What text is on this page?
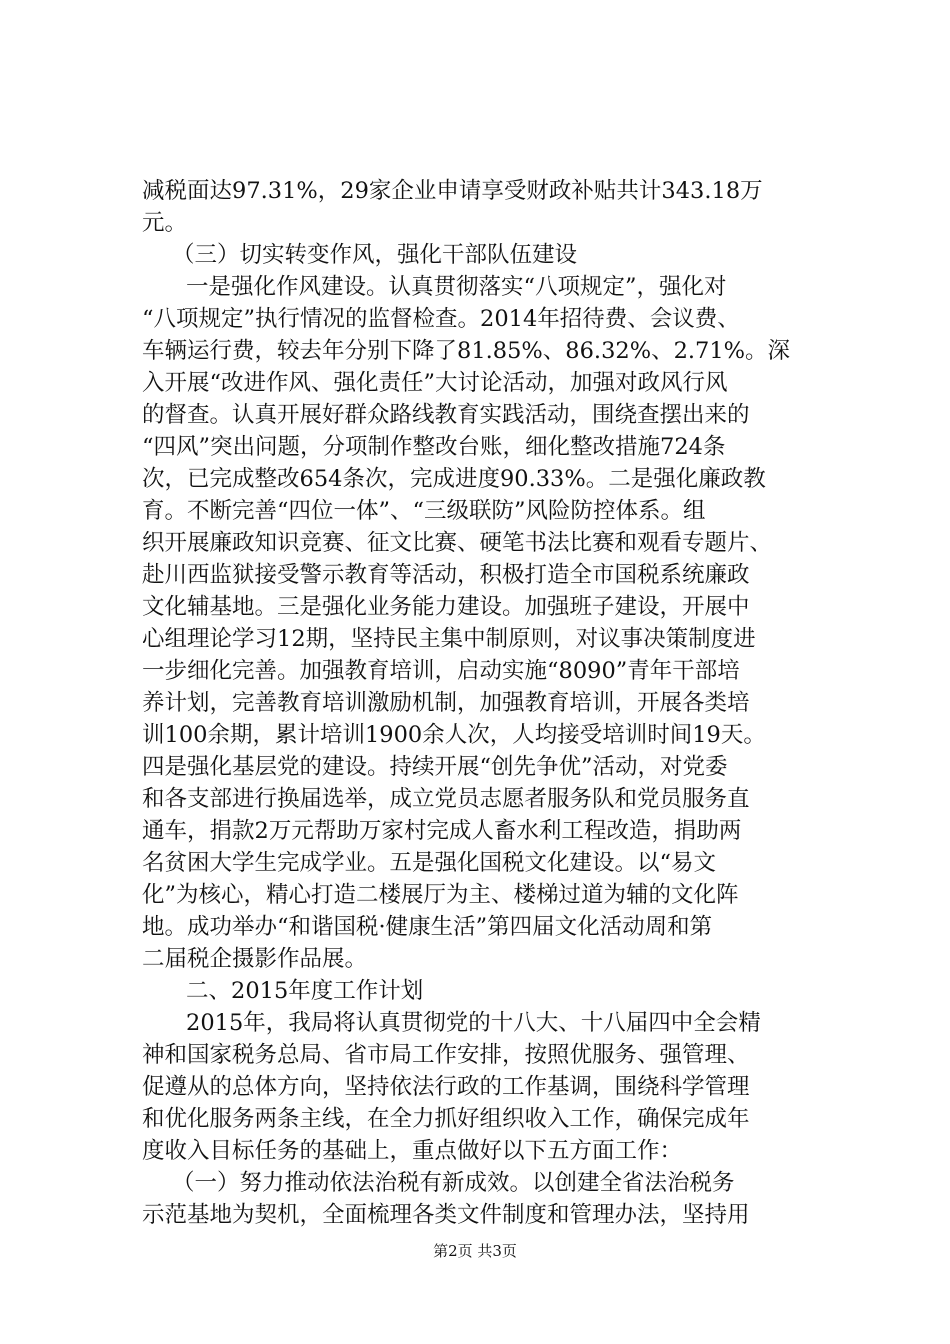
减税面达97.31%，29家企业申请享受财政补贴共计343.18万
元。
（三）切实转变作风，强化干部队伍建设
一是强化作风建设。认真贯彻落实“八项规定”，强化对
“八项规定”执行情况的监督检查。2014年招待费、会议费、
车辆运行费，较去年分别下降了81.85%、86.32%、2.71%。深
入开展“改进作风、强化责任”大讨论活动，加强对政风行风
的督查。认真开展好群众路线教育实践活动，围绕查摆出来的
“四风”突出问题，分项制作整改台账，细化整改措施724条
次，已完成整改654条次，完成进度90.33%。二是强化廉政教
育。不断完善“四位一体”、“三级联防”风险防控体系。组
织开展廉政知识竞赛、征文比赛、硬笔书法比赛和观看专题片、
赴川西监狱接受警示教育等活动，积极打造全市国税系统廉政
文化辅基地。三是强化业务能力建设。加强班子建设，开展中
心组理论学习12期，坚持民主集中制原则，对议事决策制度进
一步细化完善。加强教育培训，启动实施“8090”青年干部培
养计划，完善教育培训激励机制，加强教育培训，开展各类培
训100余期，累计培训1900余人次，人均接受培训时间19天。
四是强化基层党的建设。持续开展“创先争优”活动，对党委
和各支部进行换届选举，成立党员志愿者服务队和党员服务直
通车，捐款2万元帮助万家村完成人畜水利工程改造，捐助两
名贫困大学生完成学业。五是强化国税文化建设。以“易文
化”为核心，精心打造二楼展厅为主、楼梯过道为辅的文化阵
地。成功举办“和谐国税·健康生活”第四届文化活动周和第
二届税企摄影作品展。
二、2015年度工作计划
2015年，我局将认真贯彻党的十八大、十八届四中全会精
神和国家税务总局、省市局工作安排，按照优服务、强管理、
促遵从的总体方向，坚持依法行政的工作基调，围绕科学管理
和优化服务两条主线，在全力抓好组织收入工作，确保完成年
度收入目标任务的基础上，重点做好以下五方面工作：
（一）努力推动依法治税有新成效。以创建全省法治税务
示范基地为契机，全面梳理各类文件制度和管理办法，坚持用
第2页 共3页
